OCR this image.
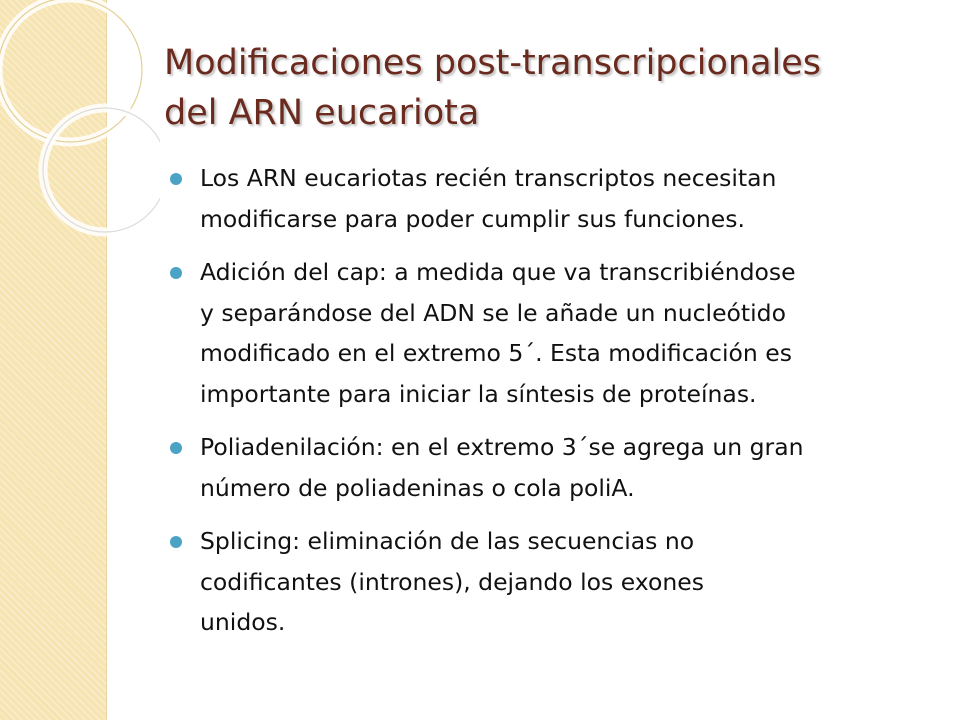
Modificaciones post-transcripcionales
del ARN eucariota
Los ARN eucariotas recién transcriptos necesitan
modificarse para poder cumplir sus funciones.
Adición del cap: a medida que va transcribiéndose
y separándose del ADN se le añade un nucleótido
modificado en el extremo 5´. Esta modificación es
importante para iniciar la síntesis de proteínas.
Poliadenilación: en el extremo 3´se agrega un gran
número de poliadeninas o cola poliA.
Splicing: eliminación de las secuencias no
codificantes (intrones), dejando los exones
unidos.
